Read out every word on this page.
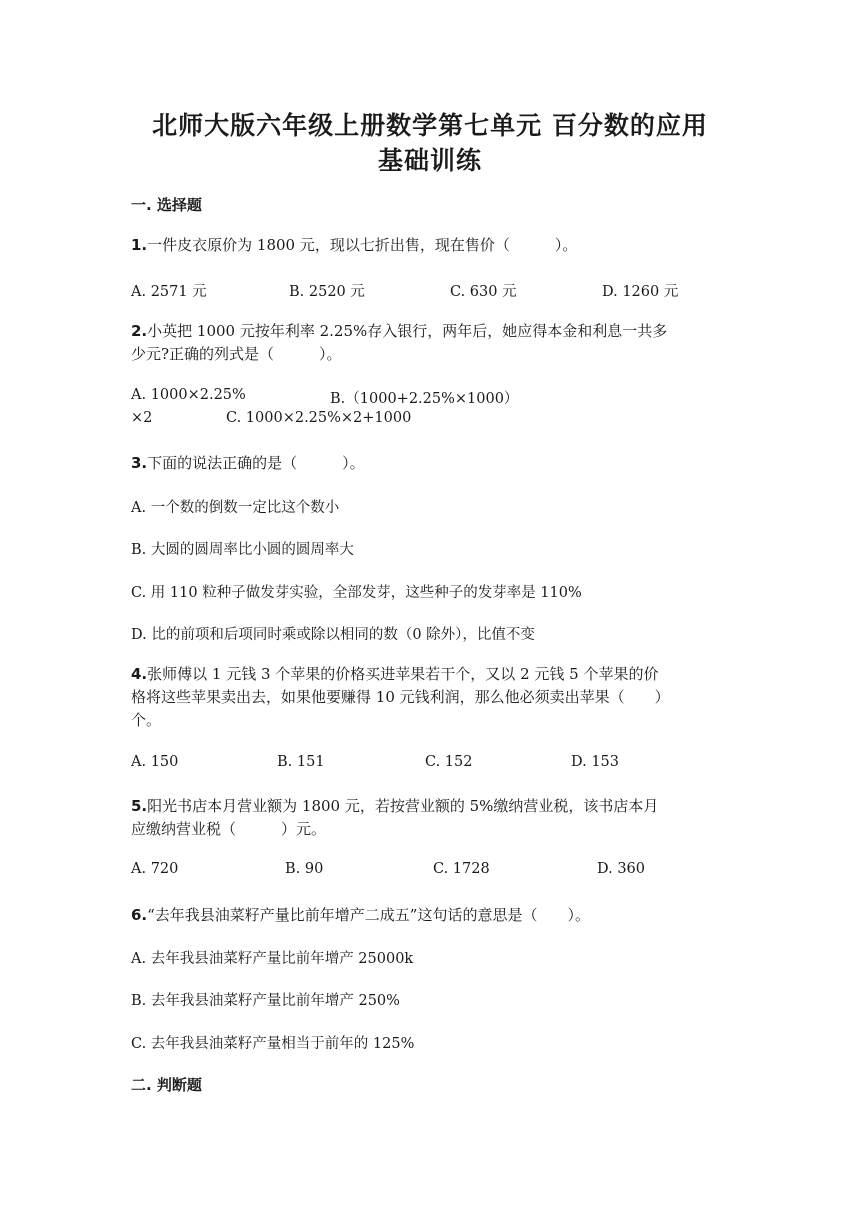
北师大版六年级上册数学第七单元 百分数的应用
基础训练
一. 选择题
1.一件皮衣原价为 1800 元，现以七折出售，现在售价（　　　）。
A. 2571 元	B. 2520 元	C. 630 元	D. 1260 元
2.小英把 1000 元按年利率 2.25%存入银行，两年后，她应得本金和利息一共多
少元?正确的列式是（　　　）。
A. 1000×2.25%	B.（1000+2.25%×1000）
×2	C. 1000×2.25%×2+1000
3.下面的说法正确的是（　　　）。
A. 一个数的倒数一定比这个数小
B. 大圆的圆周率比小圆的圆周率大
C. 用 110 粒种子做发芽实验，全部发芽，这些种子的发芽率是 110%
D. 比的前项和后项同时乘或除以相同的数（0 除外），比值不变
4.张师傅以 1 元钱 3 个苹果的价格买进苹果若干个，又以 2 元钱 5 个苹果的价
格将这些苹果卖出去，如果他要赚得 10 元钱利润，那么他必须卖出苹果（　　）
个。
A. 150	B. 151	C. 152	D. 153
5.阳光书店本月营业额为 1800 元，若按营业额的 5%缴纳营业税，该书店本月
应缴纳营业税（　　　）元。
A. 720	B. 90	C. 1728	D. 360
6.“去年我县油菜籽产量比前年增产二成五”这句话的意思是（　　）。
A. 去年我县油菜籽产量比前年增产 25000k
B. 去年我县油菜籽产量比前年增产 250%
C. 去年我县油菜籽产量相当于前年的 125%
二. 判断题
